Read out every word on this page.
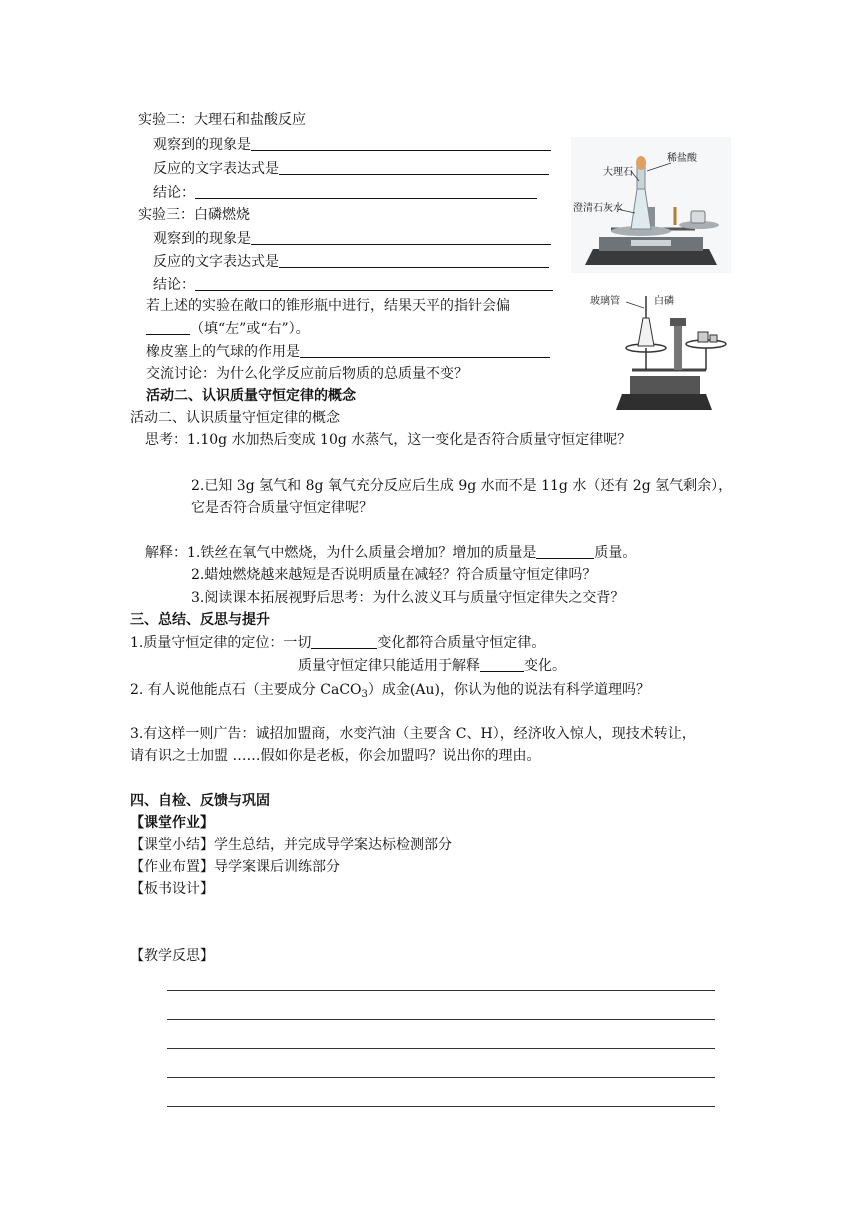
实验二：大理石和盐酸反应
观察到的现象是
反应的文字表达式是
结论：
实验三：白磷燃烧
观察到的现象是
反应的文字表达式是
结论：
若上述的实验在敞口的锥形瓶中进行，结果天平的指针会偏
（填“左”或“右”）。
橡皮塞上的气球的作用是
交流讨论：为什么化学反应前后物质的总质量不变？
活动二、认识质量守恒定律的概念
活动二、认识质量守恒定律的概念
思考：1.10g 水加热后变成 10g 水蒸气，这一变化是否符合质量守恒定律呢？
2.已知 3g 氢气和 8g 氧气充分反应后生成 9g 水而不是 11g 水（还有 2g 氢气剩余），
它是否符合质量守恒定律呢？
解释：1.铁丝在氧气中燃烧，为什么质量会增加？增加的质量是	质量。
2.蜡烛燃烧越来越短是否说明质量在减轻？符合质量守恒定律吗？
3.阅读课本拓展视野后思考：为什么波义耳与质量守恒定律失之交背？
三、总结、反思与提升
1.质量守恒定律的定位：一切	变化都符合质量守恒定律。
质量守恒定律只能适用于解释	变化。
2. 有人说他能点石（主要成分 CaCO$_3$）成金(Au)，你认为他的说法有科学道理吗？
3.有这样一则广告：诚招加盟商，水变汽油（主要含 C、H），经济收入惊人，现技术转让，
请有识之士加盟 ……假如你是老板，你会加盟吗？说出你的理由。
四、自检、反馈与巩固
【课堂作业】
【课堂小结】学生总结，并完成导学案达标检测部分
【作业布置】导学案课后训练部分
【板书设计】
【教学反思】
大理石
稀盐酸
澄清石灰水
玻璃管	白磷
